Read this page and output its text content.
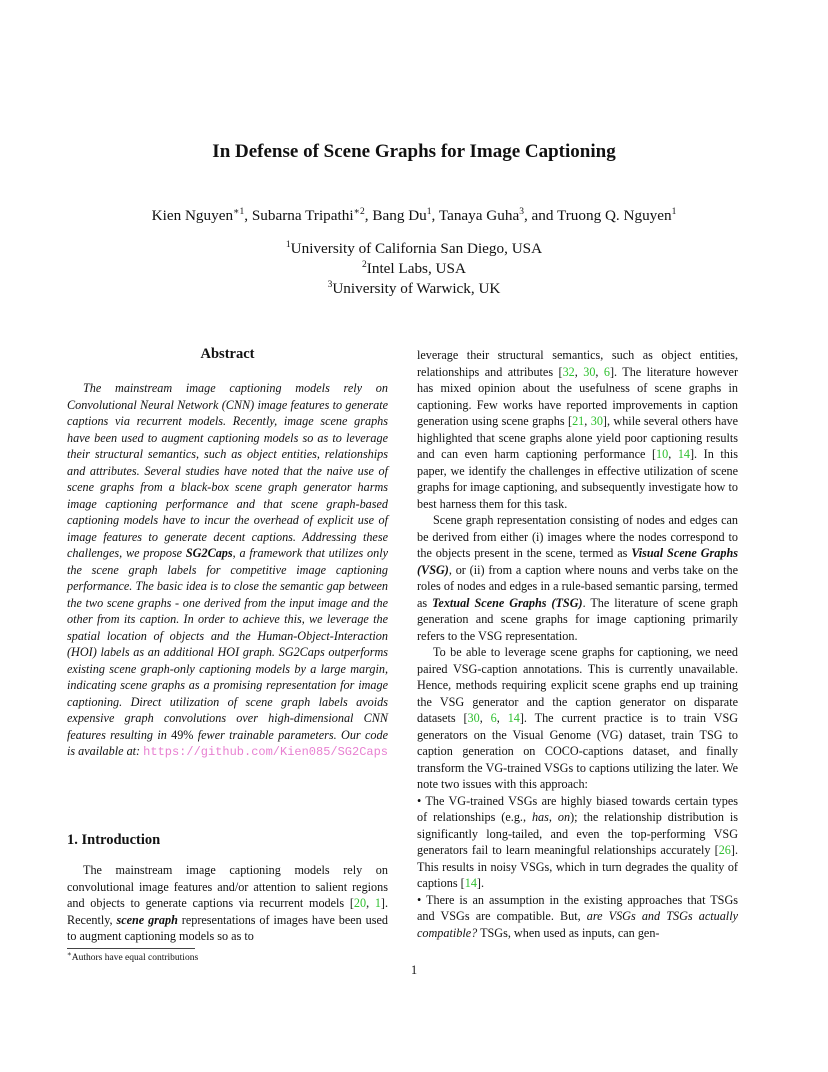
In Defense of Scene Graphs for Image Captioning
Kien Nguyen$^{∗1}$, Subarna Tripathi$^{∗2}$, Bang Du$^1$, Tanaya Guha$^3$, and Truong Q. Nguyen$^1$
$^1$University of California San Diego, USA
$^2$Intel Labs, USA
$^3$University of Warwick, UK
Abstract

The mainstream image captioning models rely on Convolutional Neural Network (CNN) image features to generate captions via recurrent models. Recently, image scene graphs have been used to augment captioning models so as to leverage their structural semantics, such as object entities, relationships and attributes. Several studies have noted that the naive use of scene graphs from a black-box scene graph generator harms image captioning performance and that scene graph-based captioning models have to incur the overhead of explicit use of image features to generate decent captions. Addressing these challenges, we propose SG2Caps, a framework that utilizes only the scene graph labels for competitive image captioning performance. The basic idea is to close the semantic gap between the two scene graphs - one derived from the input image and the other from its caption. In order to achieve this, we leverage the spatial location of objects and the Human-Object-Interaction (HOI) labels as an additional HOI graph. SG2Caps outperforms existing scene graph-only captioning models by a large margin, indicating scene graphs as a promising representation for image captioning. Direct utilization of scene graph labels avoids expensive graph convolutions over high-dimensional CNN features resulting in 49% fewer trainable parameters. Our code is available at: https://github.com/Kien085/SG2Caps

1. Introduction

The mainstream image captioning models rely on convolutional image features and/or attention to salient regions and objects to generate captions via recurrent models [20, 1]. Recently, scene graph representations of images have been used to augment captioning models so as to

∗Authors have equal contributions

leverage their structural semantics, such as object entities, relationships and attributes [32, 30, 6]. The literature however has mixed opinion about the usefulness of scene graphs in captioning. Few works have reported improvements in caption generation using scene graphs [21, 30], while several others have highlighted that scene graphs alone yield poor captioning results and can even harm captioning performance [10, 14]. In this paper, we identify the challenges in effective utilization of scene graphs for image captioning, and subsequently investigate how to best harness them for this task.

Scene graph representation consisting of nodes and edges can be derived from either (i) images where the nodes correspond to the objects present in the scene, termed as Visual Scene Graphs (VSG), or (ii) from a caption where nouns and verbs take on the roles of nodes and edges in a rule-based semantic parsing, termed as Textual Scene Graphs (TSG). The literature of scene graph generation and scene graphs for image captioning primarily refers to the VSG representation.

To be able to leverage scene graphs for captioning, we need paired VSG-caption annotations. This is currently unavailable. Hence, methods requiring explicit scene graphs end up training the VSG generator and the caption generator on disparate datasets [30, 6, 14]. The current practice is to train VSG generators on the Visual Genome (VG) dataset, train TSG to caption generation on COCO-captions dataset, and finally transform the VG-trained VSGs to captions utilizing the later. We note two issues with this approach:

• The VG-trained VSGs are highly biased towards certain types of relationships (e.g., has, on); the relationship distribution is significantly long-tailed, and even the top-performing VSG generators fail to learn meaningful relationships accurately [26]. This results in noisy VSGs, which in turn degrades the quality of captions [14].

• There is an assumption in the existing approaches that TSGs and VSGs are compatible. But, are VSGs and TSGs actually compatible? TSGs, when used as inputs, can gen-

1
